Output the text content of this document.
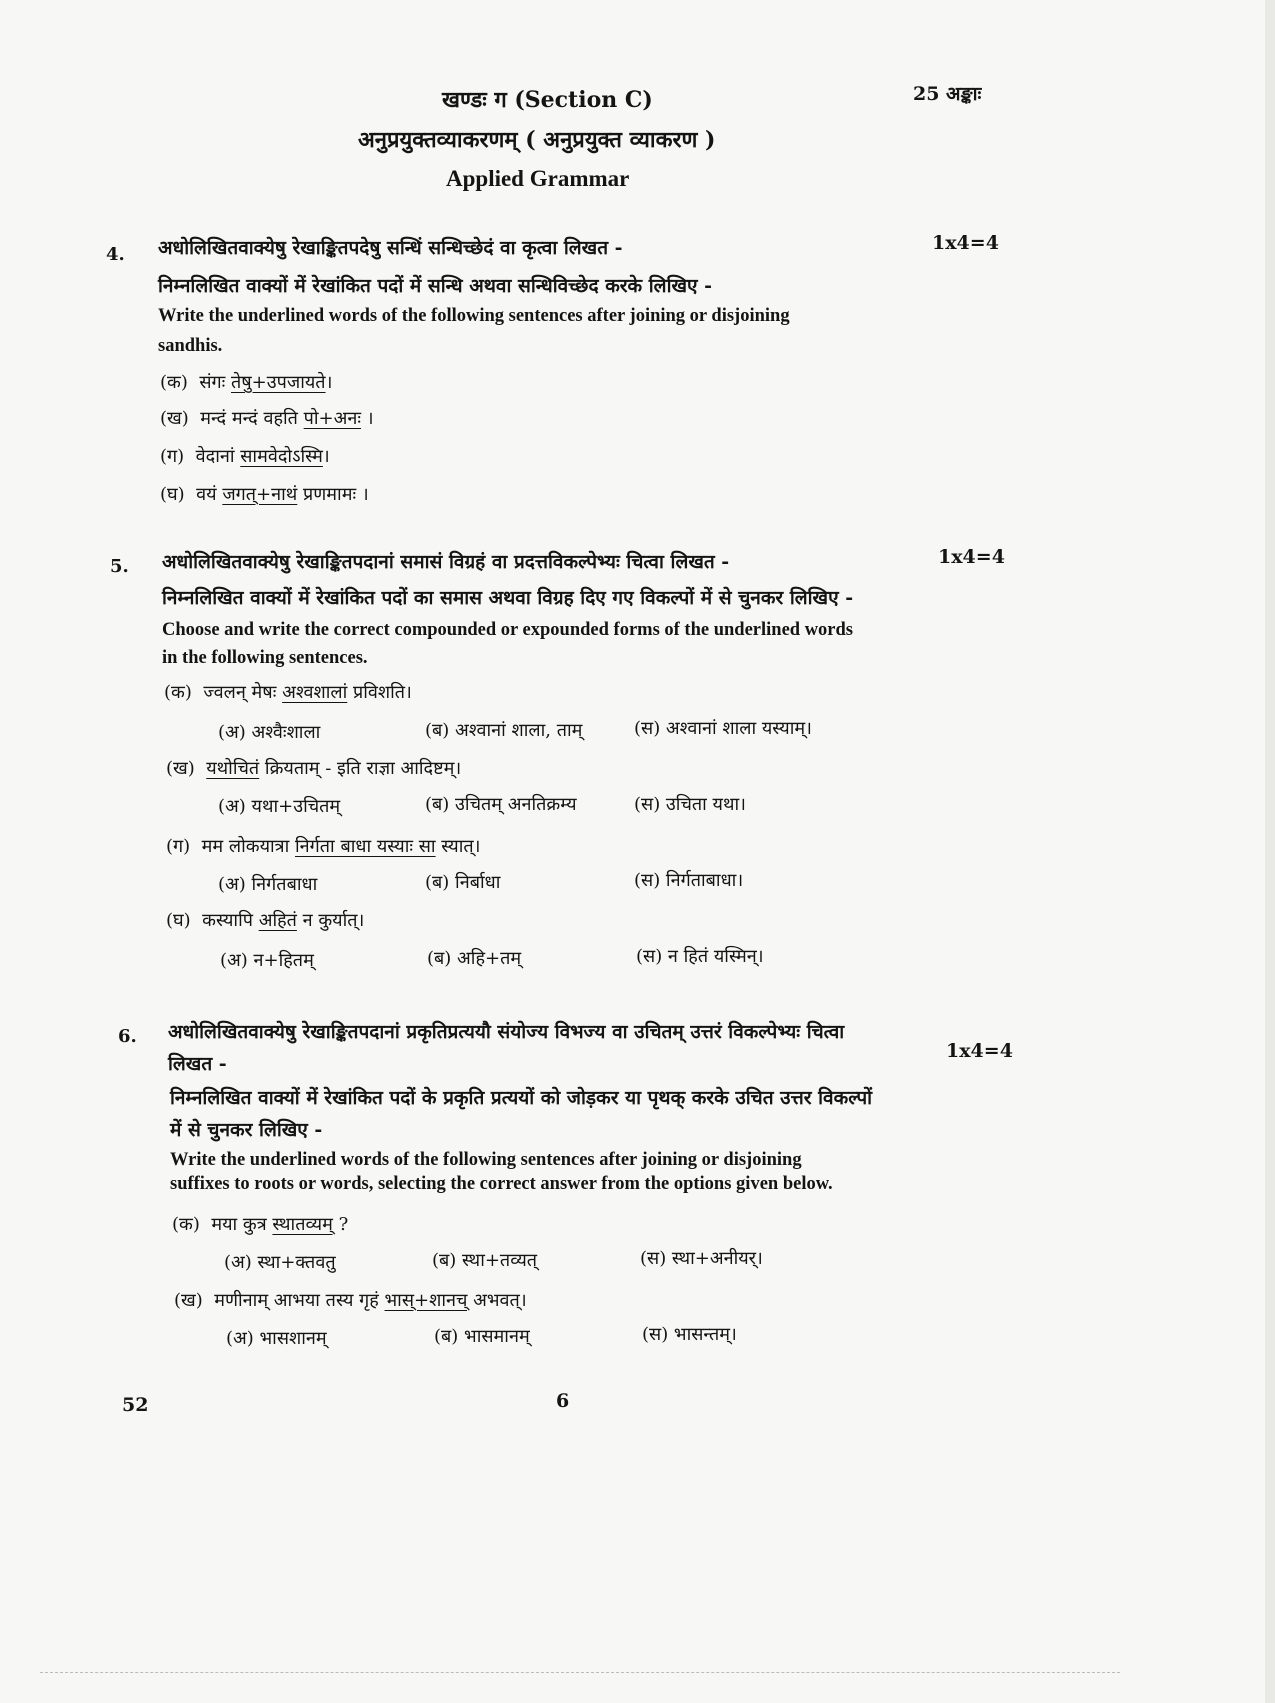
खण्डः ग (Section C)	25 अङ्काः
अनुप्रयुक्तव्याकरणम् ( अनुप्रयुक्त व्याकरण )
Applied Grammar
4.
1x4=4
अधोलिखितवाक्येषु रेखाङ्कितपदेषु सन्धिं सन्धिच्छेदं वा कृत्वा लिखत -
निम्नलिखित वाक्यों में रेखांकित पदों में सन्धि अथवा सन्धिविच्छेद करके लिखिए -
Write the underlined words of the following sentences after joining or disjoining
sandhis.
(क) संगः तेषु+उपजायते।
(ख) मन्दं मन्दं वहति पो+अनः ।
(ग) वेदानां सामवेदोऽस्मि।
(घ) वयं जगत्+नाथं प्रणमामः ।
5.	1x4=4
अधोलिखितवाक्येषु रेखाङ्कितपदानां समासं विग्रहं वा प्रदत्तविकल्पेभ्यः चित्वा लिखत -
निम्नलिखित वाक्यों में रेखांकित पदों का समास अथवा विग्रह दिए गए विकल्पों में से चुनकर लिखिए -
Choose and write the correct compounded or expounded forms of the underlined words
in the following sentences.
(क) ज्वलन् मेषः अश्वशालां प्रविशति।
(अ) अश्वैःशाला	(ब) अश्वानां शाला, ताम्	(स) अश्वानां शाला यस्याम्।
(ख) यथोचितं क्रियताम् - इति राज्ञा आदिष्टम्।
(अ) यथा+उचितम्	(ब) उचितम् अनतिक्रम्य	(स) उचिता यथा।
(ग) मम लोकयात्रा निर्गता बाधा यस्याः सा स्यात्।
(अ) निर्गतबाधा	(ब) निर्बाधा	(स) निर्गताबाधा।
(घ) कस्यापि अहितं न कुर्यात्।
(अ) न+हितम्	(ब) अहि+तम्	(स) न हितं यस्मिन्।
6.
1x4=4
अधोलिखितवाक्येषु रेखाङ्कितपदानां प्रकृतिप्रत्ययौ संयोज्य विभज्य वा उचितम् उत्तरं विकल्पेभ्यः चित्वा
लिखत -
निम्नलिखित वाक्यों में रेखांकित पदों के प्रकृति प्रत्ययों को जोड़कर या पृथक् करके उचित उत्तर विकल्पों
में से चुनकर लिखिए -
Write the underlined words of the following sentences after joining or disjoining
suffixes to roots or words, selecting the correct answer from the options given below.
(क) मया कुत्र स्थातव्यम् ?
(अ) स्था+क्तवतु	(ब) स्था+तव्यत्	(स) स्था+अनीयर्।
(ख) मणीनाम् आभया तस्य गृहं भास्+शानच् अभवत्।
(अ) भासशानम्	(ब) भासमानम्	(स) भासन्तम्।
52	6
